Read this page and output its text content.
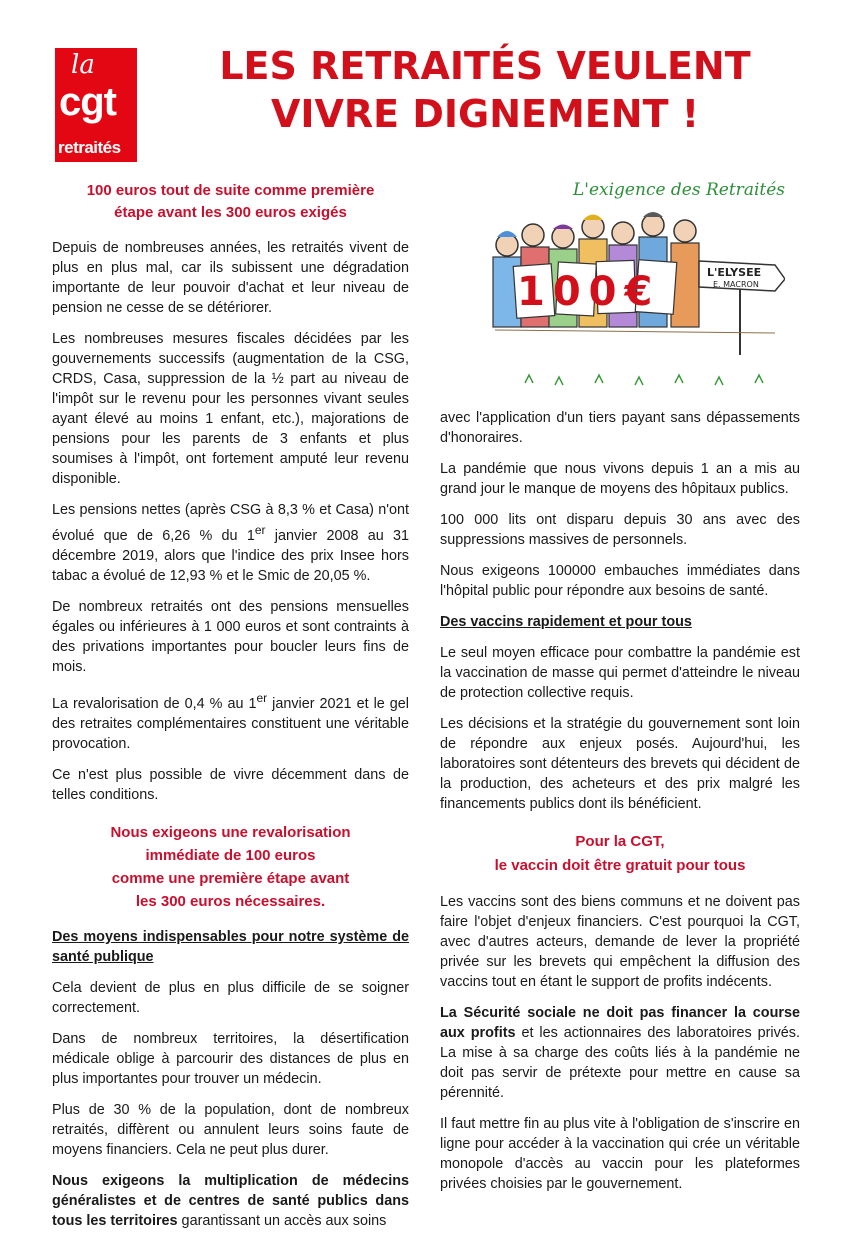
la
cgt
retraités
LES RETRAITÉS VEULENT
VIVRE DIGNEMENT !
L'exigence des Retraités
100€	L'ELYSEE
E. MACRON
100 euros tout de suite comme première
étape avant les 300 euros exigés

Depuis de nombreuses années, les retraités vivent de plus en plus mal, car ils subissent une dégradation importante de leur pouvoir d'achat et leur niveau de pension ne cesse de se détériorer.

Les nombreuses mesures fiscales décidées par les gouvernements successifs (augmentation de la CSG, CRDS, Casa, suppression de la ½ part au niveau de l'impôt sur le revenu pour les personnes vivant seules ayant élevé au moins 1 enfant, etc.), majorations de pensions pour les parents de 3 enfants et plus soumises à l'impôt, ont fortement amputé leur revenu disponible.

Les pensions nettes (après CSG à 8,3 % et Casa) n'ont évolué que de 6,26 % du 1er janvier 2008 au 31 décembre 2019, alors que l'indice des prix Insee hors tabac a évolué de 12,93 % et le Smic de 20,05 %.

De nombreux retraités ont des pensions mensuelles égales ou inférieures à 1 000 euros et sont contraints à des privations importantes pour boucler leurs fins de mois.

La revalorisation de 0,4 % au 1er janvier 2021 et le gel des retraites complémentaires constituent une véritable provocation.

Ce n'est plus possible de vivre décemment dans de telles conditions.

Nous exigeons une revalorisation
immédiate de 100 euros
comme une première étape avant
les 300 euros nécessaires.

Des moyens indispensables pour notre système de santé publique

Cela devient de plus en plus difficile de se soigner correctement.

Dans de nombreux territoires, la désertification médicale oblige à parcourir des distances de plus en plus importantes pour trouver un médecin.

Plus de 30 % de la population, dont de nombreux retraités, diffèrent ou annulent leurs soins faute de moyens financiers. Cela ne peut plus durer.

Nous exigeons la multiplication de médecins généralistes et de centres de santé publics dans tous les territoires garantissant un accès aux soins

avec l'application d'un tiers payant sans dépassements d'honoraires.

La pandémie que nous vivons depuis 1 an a mis au grand jour le manque de moyens des hôpitaux publics.

100 000 lits ont disparu depuis 30 ans avec des suppressions massives de personnels.

Nous exigeons 100000 embauches immédiates dans l'hôpital public pour répondre aux besoins de santé.

Des vaccins rapidement et pour tous

Le seul moyen efficace pour combattre la pandémie est la vaccination de masse qui permet d'atteindre le niveau de protection collective requis.

Les décisions et la stratégie du gouvernement sont loin de répondre aux enjeux posés. Aujourd'hui, les laboratoires sont détenteurs des brevets qui décident de la production, des acheteurs et des prix malgré les financements publics dont ils bénéficient.

Pour la CGT,
le vaccin doit être gratuit pour tous

Les vaccins sont des biens communs et ne doivent pas faire l'objet d'enjeux financiers. C'est pourquoi la CGT, avec d'autres acteurs, demande de lever la propriété privée sur les brevets qui empêchent la diffusion des vaccins tout en étant le support de profits indécents.

La Sécurité sociale ne doit pas financer la course aux profits et les actionnaires des laboratoires privés. La mise à sa charge des coûts liés à la pandémie ne doit pas servir de prétexte pour mettre en cause sa pérennité.

Il faut mettre fin au plus vite à l'obligation de s'inscrire en ligne pour accéder à la vaccination qui crée un véritable monopole d'accès au vaccin pour les plateformes privées choisies par le gouvernement.
